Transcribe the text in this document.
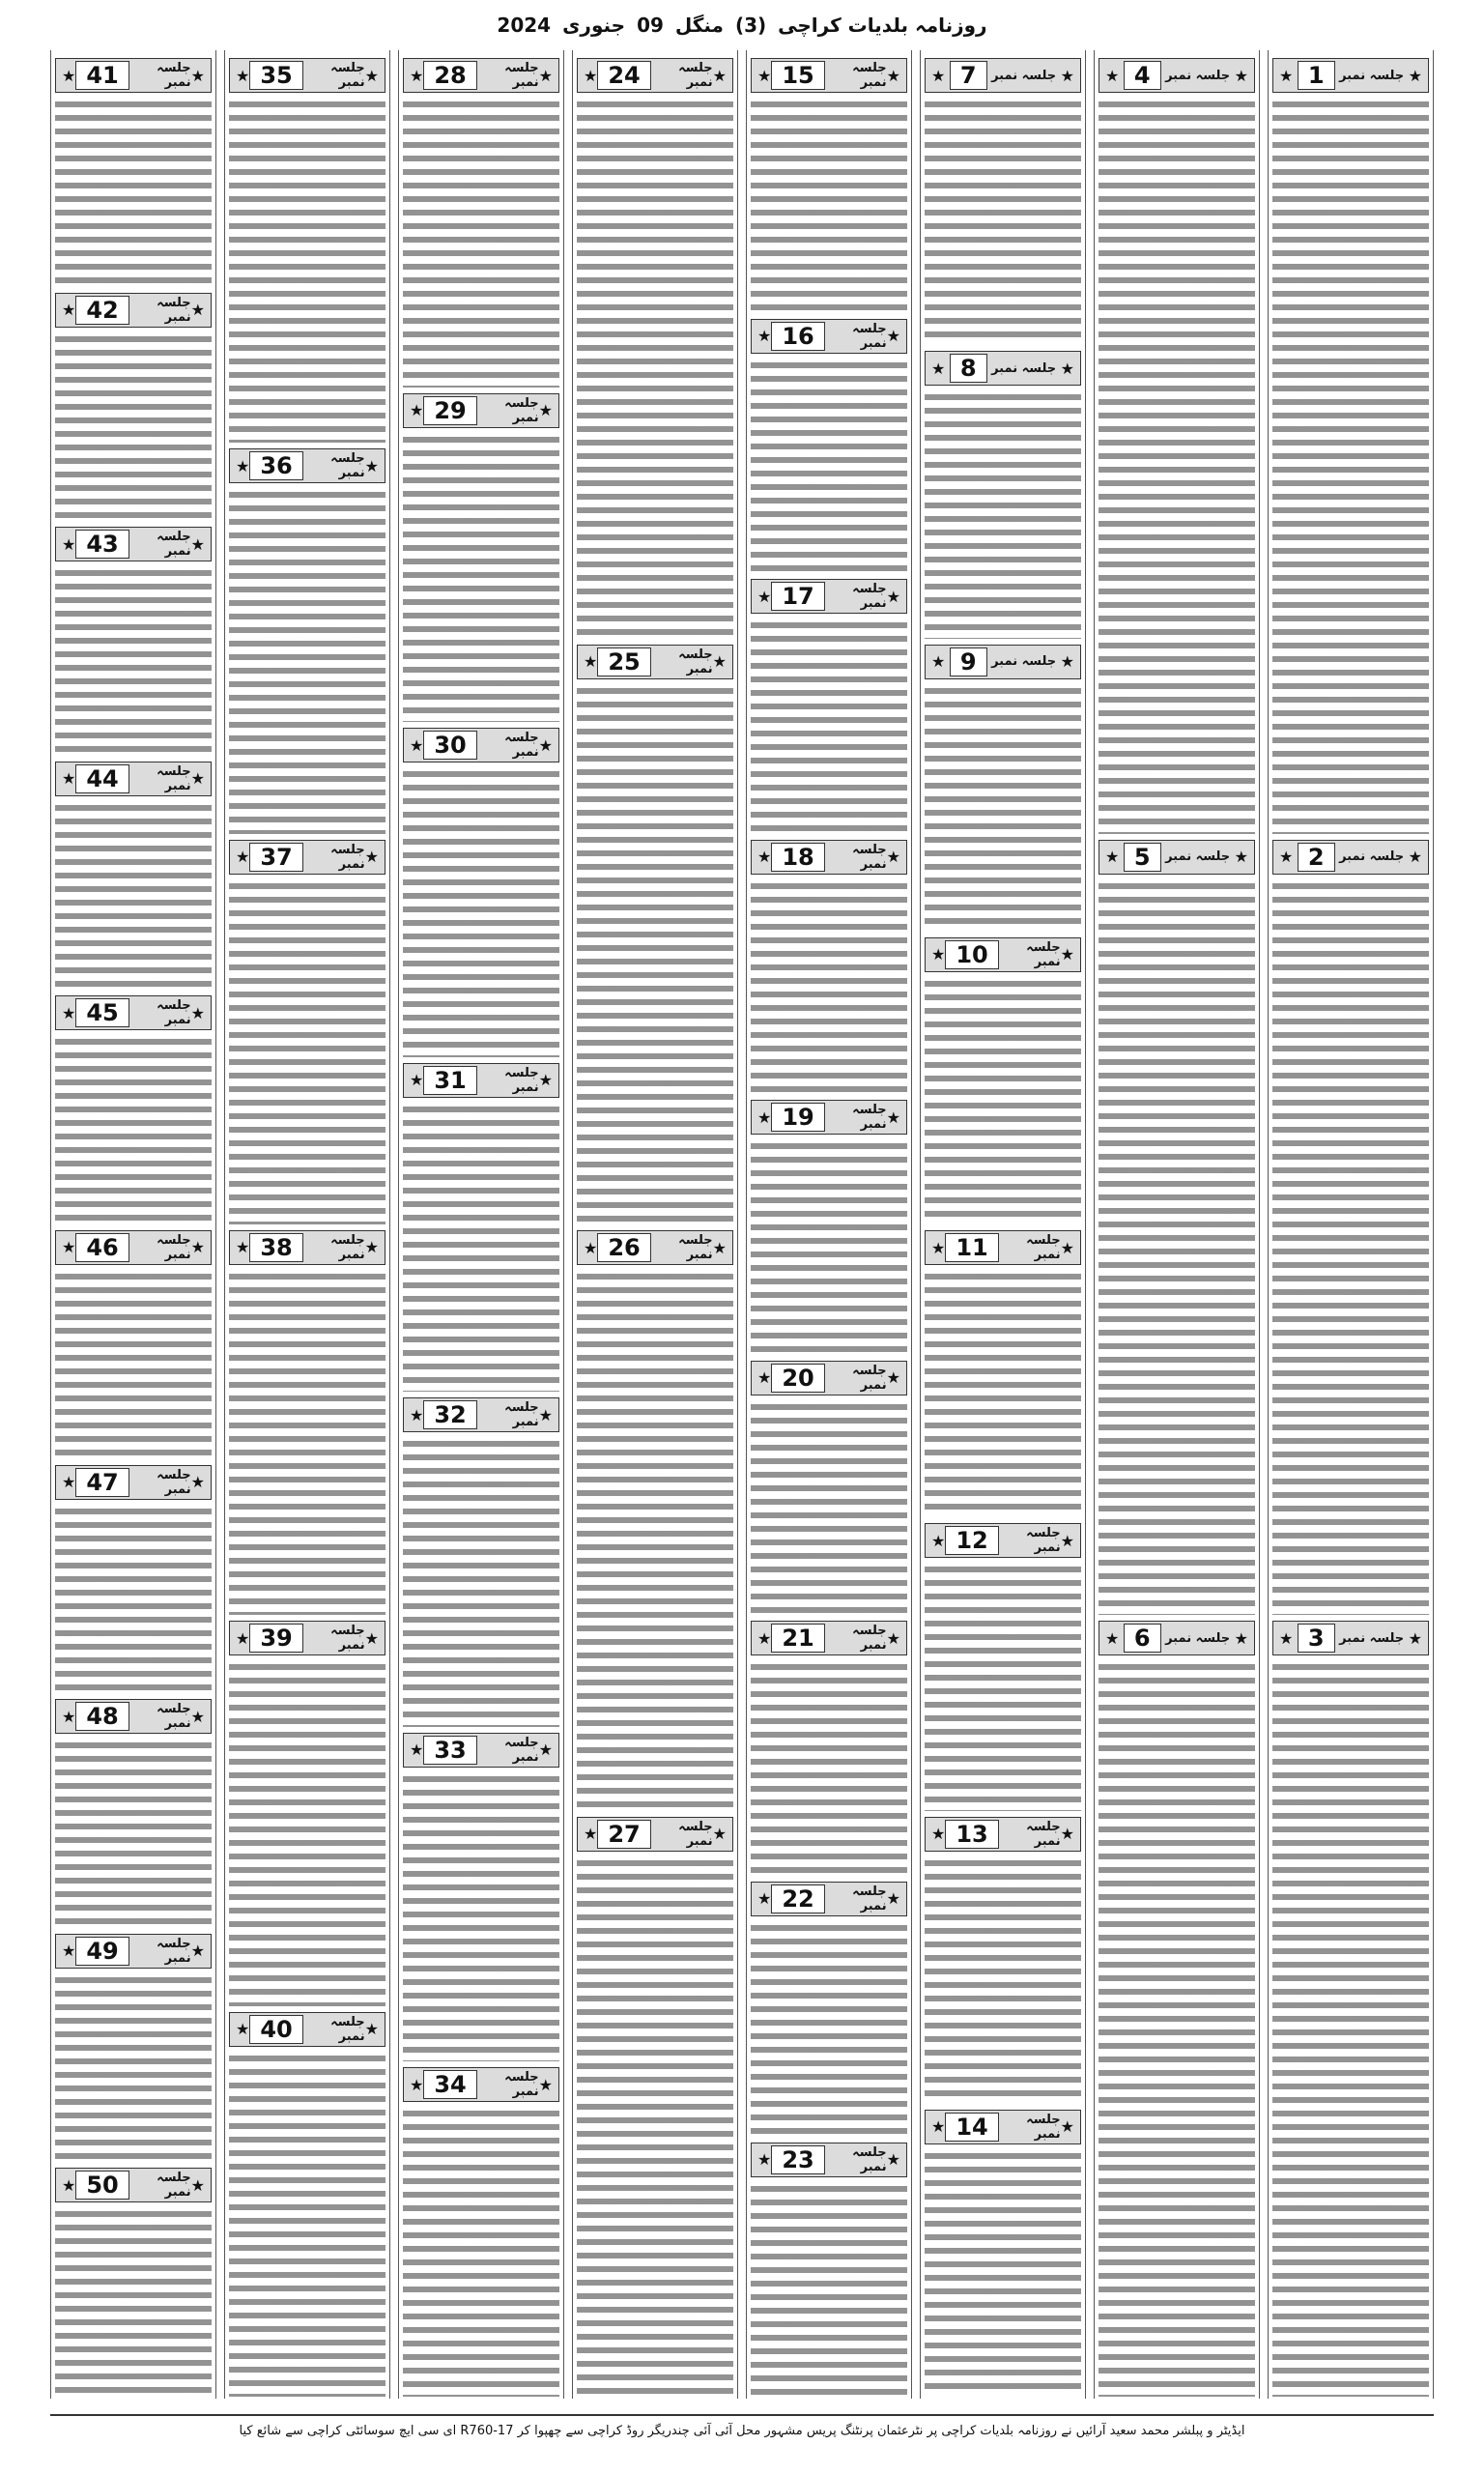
روزنامہ بلدیات کراچی
(3)
منگل
09
جنوری
2024
★
جلسہ نمبر
1
★
★
جلسہ نمبر
2
★
★
جلسہ نمبر
3
★
★
جلسہ نمبر
4
★
★
جلسہ نمبر
5
★
★
جلسہ نمبر
6
★
★
جلسہ نمبر
7
★
★
جلسہ نمبر
8
★
★
جلسہ نمبر
9
★
★
جلسہ نمبر
10
★
★
جلسہ نمبر
11
★
★
جلسہ نمبر
12
★
★
جلسہ نمبر
13
★
★
جلسہ نمبر
14
★
★
جلسہ نمبر
15
★
★
جلسہ نمبر
16
★
★
جلسہ نمبر
17
★
★
جلسہ نمبر
18
★
★
جلسہ نمبر
19
★
★
جلسہ نمبر
20
★
★
جلسہ نمبر
21
★
★
جلسہ نمبر
22
★
★
جلسہ نمبر
23
★
★
جلسہ نمبر
24
★
★
جلسہ نمبر
25
★
★
جلسہ نمبر
26
★
★
جلسہ نمبر
27
★
★
جلسہ نمبر
28
★
★
جلسہ نمبر
29
★
★
جلسہ نمبر
30
★
★
جلسہ نمبر
31
★
★
جلسہ نمبر
32
★
★
جلسہ نمبر
33
★
★
جلسہ نمبر
34
★
★
جلسہ نمبر
35
★
★
جلسہ نمبر
36
★
★
جلسہ نمبر
37
★
★
جلسہ نمبر
38
★
★
جلسہ نمبر
39
★
★
جلسہ نمبر
40
★
★
جلسہ نمبر
41
★
★
جلسہ نمبر
42
★
★
جلسہ نمبر
43
★
★
جلسہ نمبر
44
★
★
جلسہ نمبر
45
★
★
جلسہ نمبر
46
★
★
جلسہ نمبر
47
★
★
جلسہ نمبر
48
★
★
جلسہ نمبر
49
★
★
جلسہ نمبر
50
★
ایڈیٹر و پبلشر محمد سعید آرائیں نے روزنامہ بلدیات کراچی پر نٹرعثمان پرنٹنگ پریس مشہور محل آئی آئی چندریگر روڈ کراچی سے چھپوا کر R760-17 ای سی ایچ سوسائٹی کراچی سے شائع کیا
